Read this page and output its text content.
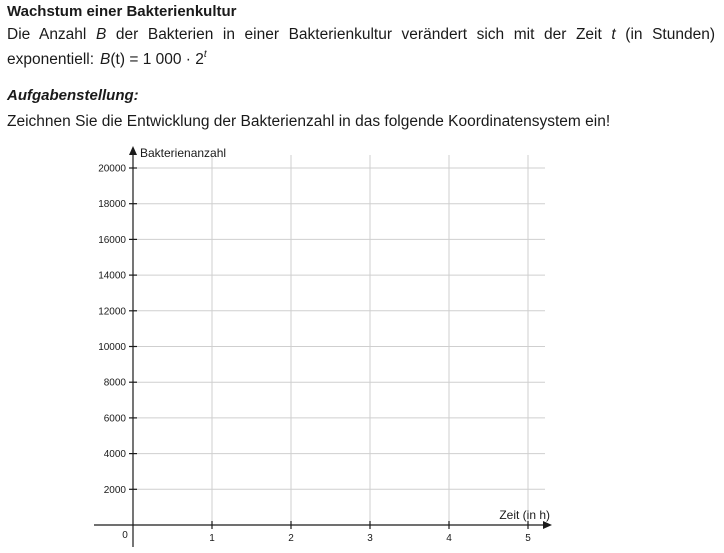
Wachstum einer Bakterienkultur
Die Anzahl B der Bakterien in einer Bakterienkultur verändert sich mit der Zeit t (in Stunden) exponentiell: B(t) = 1 $000 \cdot 2^t$
Aufgabenstellung:
Zeichnen Sie die Entwicklung der Bakterienzahl in das folgende Koordinatensystem ein!
2000
4000
6000
8000
10000
12000
14000
16000
18000
20000
1	2	3	4	5
Zeit (in h)
Bakterienanzahl
0
